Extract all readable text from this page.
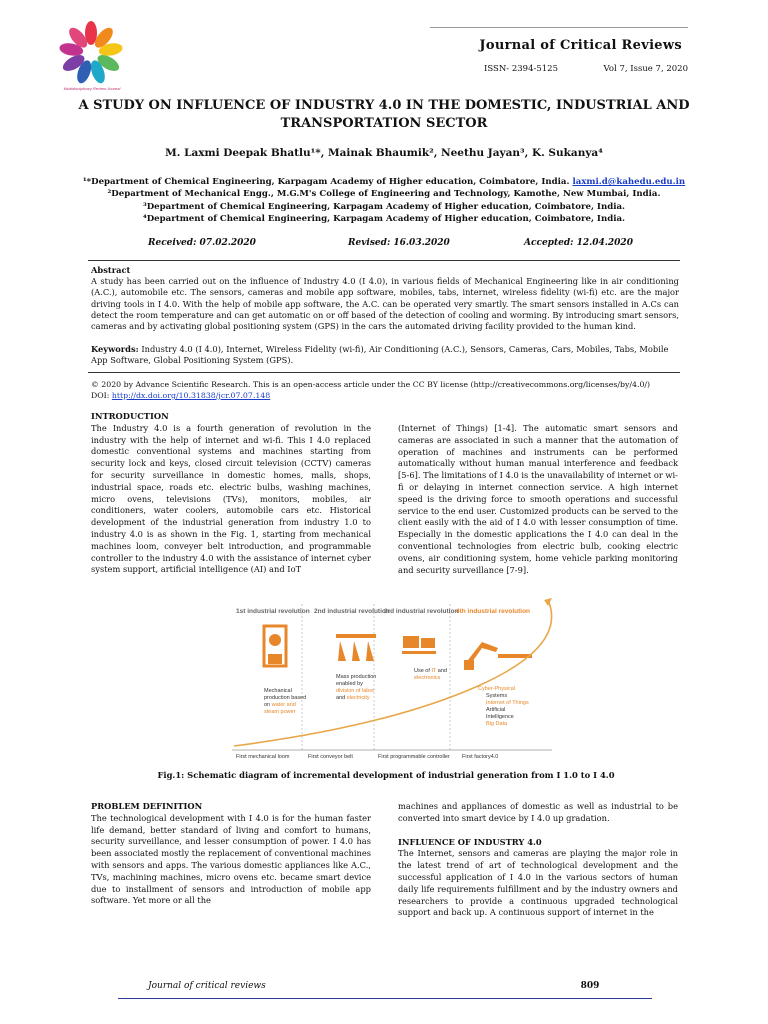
Multidisciplinary Review Journal
Journal of Critical Reviews
ISSN- 2394-5125	Vol 7, Issue 7, 2020
A STUDY ON INFLUENCE OF INDUSTRY 4.0 IN THE DOMESTIC, INDUSTRIAL AND TRANSPORTATION SECTOR
M. Laxmi Deepak Bhatlu¹*, Mainak Bhaumik², Neethu Jayan³, K. Sukanya⁴
¹*Department of Chemical Engineering, Karpagam Academy of Higher education, Coimbatore, India. laxmi.d@kahedu.edu.in
²Department of Mechanical Engg., M.G.M's College of Engineering and Technology, Kamothe, New Mumbai, India.
³Department of Chemical Engineering, Karpagam Academy of Higher education, Coimbatore, India.
⁴Department of Chemical Engineering, Karpagam Academy of Higher education, Coimbatore, India.
Received: 07.02.2020	Revised: 16.03.2020	Accepted: 12.04.2020
Abstract
A study has been carried out on the influence of Industry 4.0 (I 4.0), in various fields of Mechanical Engineering like in air conditioning (A.C.), automobile etc. The sensors, cameras and mobile app software, mobiles, tabs, internet, wireless fidelity (wi-fi) etc. are the major driving tools in I 4.0. With the help of mobile app software, the A.C. can be operated very smartly. The smart sensors installed in A.Cs can detect the room temperature and can get automatic on or off based of the detection of cooling and worming. By introducing smart sensors, cameras and by activating global positioning system (GPS) in the cars the automated driving facility provided to the human kind.
Keywords: Industry 4.0 (I 4.0), Internet, Wireless Fidelity (wi-fi), Air Conditioning (A.C.), Sensors, Cameras, Cars, Mobiles, Tabs, Mobile App Software, Global Positioning System (GPS).
© 2020 by Advance Scientific Research. This is an open-access article under the CC BY license (http://creativecommons.org/licenses/by/4.0/)
DOI: http://dx.doi.org/10.31838/jcr.07.07.148
INTRODUCTION
The Industry 4.0 is a fourth generation of revolution in the industry with the help of internet and wi-fi. This I 4.0 replaced domestic conventional systems and machines starting from security lock and keys, closed circuit television (CCTV) cameras for security surveillance in domestic homes, malls, shops, industrial space, roads etc. electric bulbs, washing machines, micro ovens, televisions (TVs), monitors, mobiles, air conditioners, water coolers, automobile cars etc. Historical development of the industrial generation from industry 1.0 to industry 4.0 is as shown in the Fig. 1, starting from mechanical machines loom, conveyer belt introduction, and programmable controller to the industry 4.0 with the assistance of internet cyber system support, artificial intelligence (AI) and IoT
(Internet of Things) [1-4]. The automatic smart sensors and cameras are associated in such a manner that the automation of operation of machines and instruments can be performed automatically without human manual interference and feedback [5-6]. The limitations of I 4.0 is the unavailability of internet or wi-fi or delaying in internet connection service. A high internet speed is the driving force to smooth operations and successful service to the end user. Customized products can be served to the client easily with the aid of I 4.0 with lesser consumption of time. Especially in the domestic applications the I 4.0 can deal in the conventional technologies from electric bulb, cooking electric ovens, air conditioning system, home vehicle parking monitoring and security surveillance [7-9].
1st industrial revolution 2nd industrial revolution
3rd industrial revolution
4th industrial revolution
Mechanical production based on water and steam power
Mass production enabled by division of labor and electricity
Use of IT and electronics
Cyber-Physical Systems Internet of Things Artificial Intelligence Big Data
First mechanical loom	First conveyor belt	First programmable controller First factory4.0
Fig.1: Schematic diagram of incremental development of industrial generation from I 1.0 to I 4.0
PROBLEM DEFINITION
The technological development with I 4.0 is for the human faster life demand, better standard of living and comfort to humans, security surveillance, and lesser consumption of power. I 4.0 has been associated mostly the replacement of conventional machines with sensors and apps. The various domestic appliances like A.C., TVs, machining machines, micro ovens etc. became smart device due to installment of sensors and introduction of mobile app software. Yet more or all the
machines and appliances of domestic as well as industrial to be converted into smart device by I 4.0 up gradation.
INFLUENCE OF INDUSTRY 4.0
The Internet, sensors and cameras are playing the major role in the latest trend of art of technological development and the successful application of I 4.0 in the various sectors of human daily life requirements fulfillment and by the industry owners and researchers to provide a continuous upgraded technological support and back up. A continuous support of internet in the
Journal of critical reviews	809
